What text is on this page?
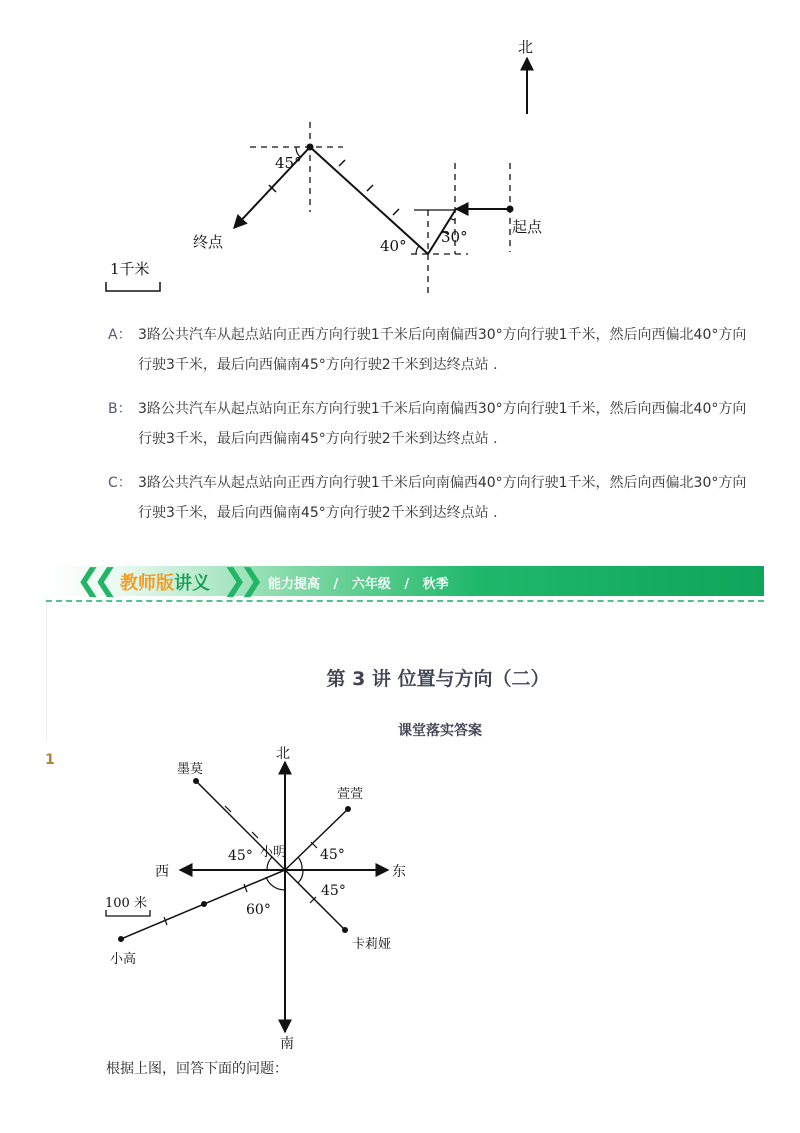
北
45°
40° 30°
起点
终点
1千米
A： 3路公共汽车从起点站向正西方向行驶1千米后向南偏西30°方向行驶1千米，然后向西偏北40°方向行驶3千米，最后向西偏南45°方向行驶2千米到达终点站 .
B： 3路公共汽车从起点站向正东方向行驶1千米后向南偏西30°方向行驶1千米，然后向西偏北40°方向行驶3千米，最后向西偏南45°方向行驶2千米到达终点站 .
C： 3路公共汽车从起点站向正西方向行驶1千米后向南偏西40°方向行驶1千米，然后向西偏北30°方向行驶3千米，最后向西偏南45°方向行驶2千米到达终点站 .
❮❮	❯❯
教师版讲义	能力提高 / 六年级 / 秋季
第 3 讲 位置与方向（二）
课堂落实答案
1	北
南
东
西
小明
墨莫
萱萱
卡莉娅
小高
45°	45°
45°
60°
100 米
根据上图，回答下面的问题：
